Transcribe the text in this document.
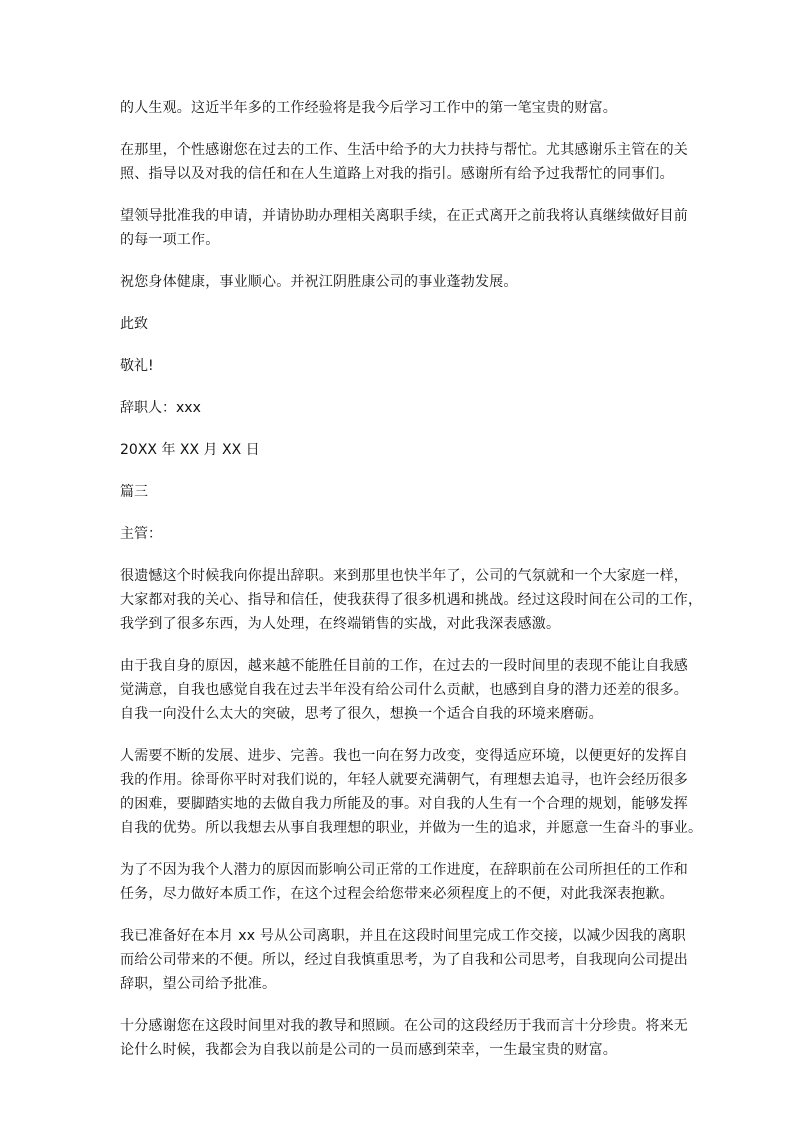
的人生观。这近半年多的工作经验将是我今后学习工作中的第一笔宝贵的财富。

在那里，个性感谢您在过去的工作、生活中给予的大力扶持与帮忙。尤其感谢乐主管在的关
照、指导以及对我的信任和在人生道路上对我的指引。感谢所有给予过我帮忙的同事们。

望领导批准我的申请，并请协助办理相关离职手续，在正式离开之前我将认真继续做好目前
的每一项工作。

祝您身体健康，事业顺心。并祝江阴胜康公司的事业蓬勃发展。

此致

敬礼!

辞职人：xxx

20XX 年 XX 月 XX 日

篇三

主管：

很遗憾这个时候我向你提出辞职。来到那里也快半年了，公司的气氛就和一个大家庭一样，
大家都对我的关心、指导和信任，使我获得了很多机遇和挑战。经过这段时间在公司的工作，
我学到了很多东西，为人处理，在终端销售的实战，对此我深表感激。

由于我自身的原因，越来越不能胜任目前的工作，在过去的一段时间里的表现不能让自我感
觉满意，自我也感觉自我在过去半年没有给公司什么贡献，也感到自身的潜力还差的很多。
自我一向没什么太大的突破，思考了很久，想换一个适合自我的环境来磨砺。

人需要不断的发展、进步、完善。我也一向在努力改变，变得适应环境，以便更好的发挥自
我的作用。徐哥你平时对我们说的，年轻人就要充满朝气，有理想去追寻，也许会经历很多
的困难，要脚踏实地的去做自我力所能及的事。对自我的人生有一个合理的规划，能够发挥
自我的优势。所以我想去从事自我理想的职业，并做为一生的追求，并愿意一生奋斗的事业。

为了不因为我个人潜力的原因而影响公司正常的工作进度，在辞职前在公司所担任的工作和
任务，尽力做好本质工作，在这个过程会给您带来必须程度上的不便，对此我深表抱歉。

我已准备好在本月 xx 号从公司离职，并且在这段时间里完成工作交接，以减少因我的离职
而给公司带来的不便。所以，经过自我慎重思考，为了自我和公司思考，自我现向公司提出
辞职，望公司给予批准。

十分感谢您在这段时间里对我的教导和照顾。在公司的这段经历于我而言十分珍贵。将来无
论什么时候，我都会为自我以前是公司的一员而感到荣幸，一生最宝贵的财富。
